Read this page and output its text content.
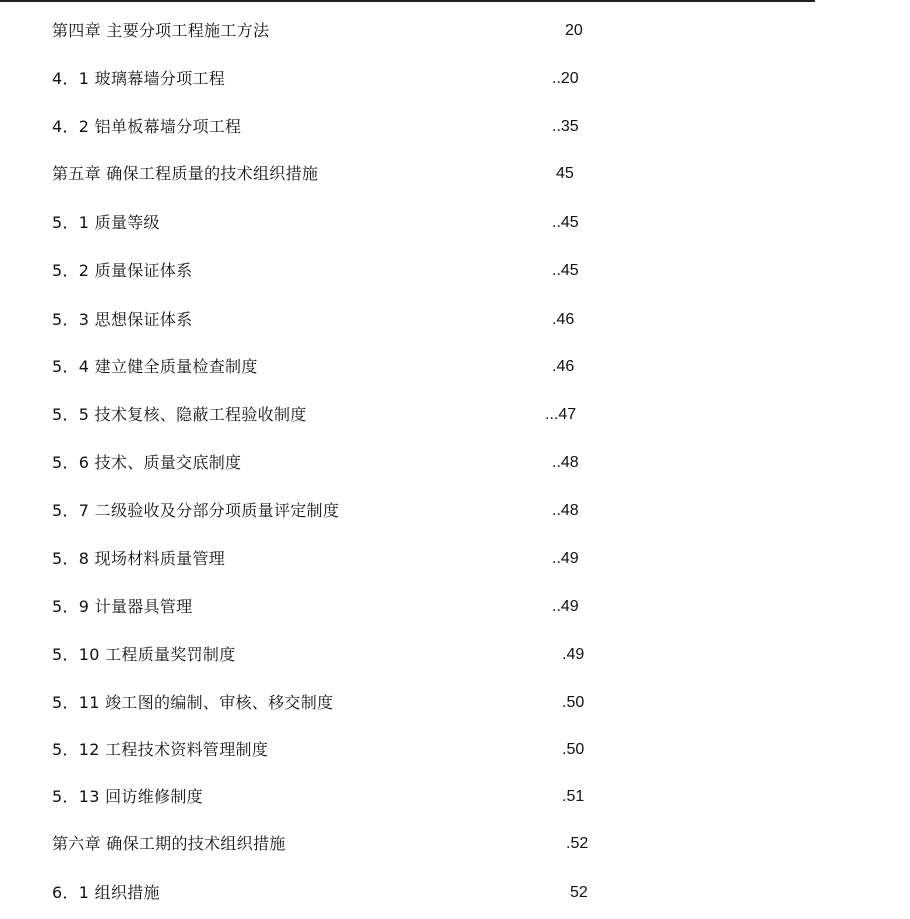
第四章 主要分项工程施工方法	20
4．1 玻璃幕墙分项工程	..20
4．2 铝单板幕墙分项工程	..35
第五章 确保工程质量的技术组织措施	45
5．1 质量等级	..45
5．2 质量保证体系	..45
5．3 思想保证体系	.46
5．4 建立健全质量检查制度	.46
5．5 技术复核、隐蔽工程验收制度	...47
5．6 技术、质量交底制度	..48
5．7 二级验收及分部分项质量评定制度	..48
5．8 现场材料质量管理	..49
5．9 计量器具管理	..49
5．10 工程质量奖罚制度	.49
5．11 竣工图的编制、审核、移交制度	.50
5．12 工程技术资料管理制度	.50
5．13 回访维修制度	.51
第六章 确保工期的技术组织措施	.52
6．1 组织措施	52
